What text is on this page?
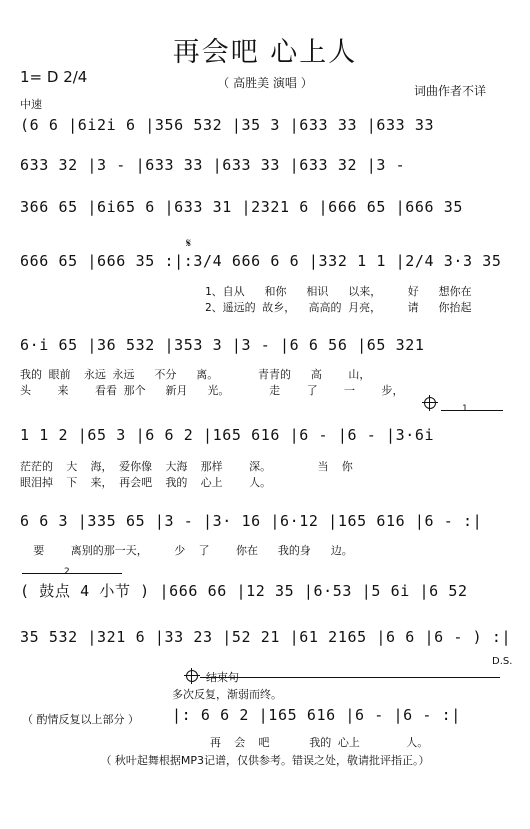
再会吧 心上人
（ 高胜美 演唱 ）
词曲作者不详
1= D 2/4
中速
(6 6 |6i2i 6 |356 532 |35 3 |633 33 |633 33
633 32 |3 - |633 33 |633 33 |633 32 |3 -
366 65 |6i65 6 |633 31 |2321 6 |666 65 |666 35
𝄋
666 65 |666 35 :|:3/4 666 6 6 |332 1 1 |2/4 3·3 35
1、自从   和你   相识   以来，    好   想你在
2、遥远的 故乡，  高高的 月亮，    请   你抬起
6·i 65 |36 532 |353 3 |3 - |6 6 56 |65 321
我的 眼前  永远 永远   不分   离。      青青的   高    山，
头    来    看看 那个   新月   光。      走    了    一    步，
1
1 1 2 |65 3 |6 6 2 |165 616 |6 - |6 - |3·6i
茫茫的  大  海， 爱你像  大海  那样    深。       当  你
眼泪掉  下  来， 再会吧  我的  心上    人。
6 6 3 |335 65 |3 - |3· 16 |6·12 |165 616 |6 - :|
要    离别的那一天，    少  了    你在   我的身   边。
2
( 鼓点 4 小节 ) |666 66 |12 35 |6·53 |5 6i |6 52
35 532 |321 6 |33 23 |52 21 |61 2165 |6 6 |6 - ) :|
D.S.
结束句
多次反复，渐弱而终。
（ 酌情反复以上部分 ） |: 6 6 2 |165 616 |6 - |6 - :|
再  会  吧      我的 心上       人。
（ 秋叶起舞根据MP3记谱，仅供参考。错误之处，敬请批评指正。）
